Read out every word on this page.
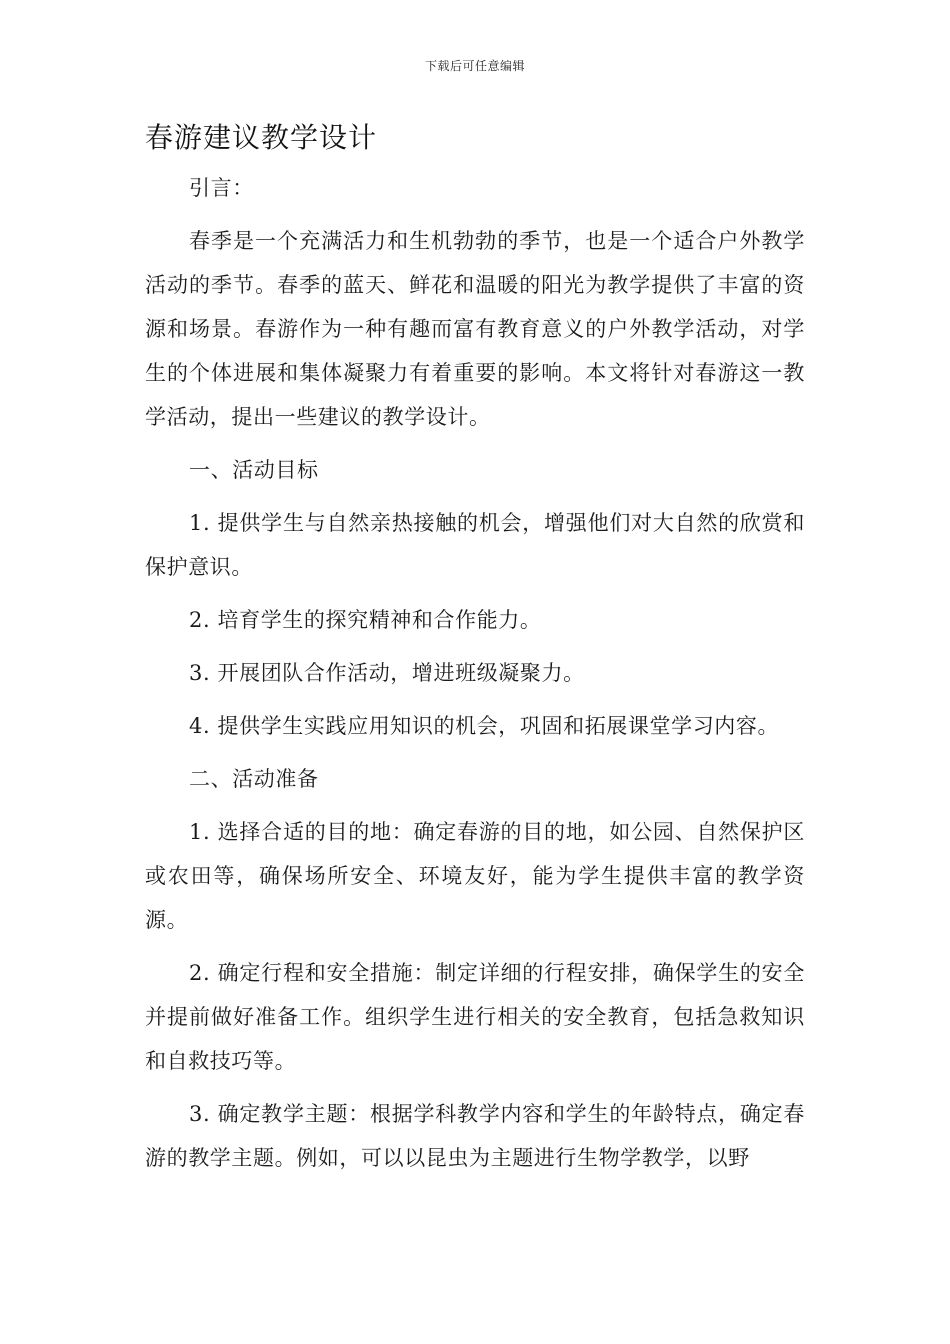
下载后可任意编辑
春游建议教学设计

引言：

春季是一个充满活力和生机勃勃的季节，也是一个适合户外教学活动的季节。春季的蓝天、鲜花和温暖的阳光为教学提供了丰富的资源和场景。春游作为一种有趣而富有教育意义的户外教学活动，对学生的个体进展和集体凝聚力有着重要的影响。本文将针对春游这一教学活动，提出一些建议的教学设计。

一、活动目标

1. 提供学生与自然亲热接触的机会，增强他们对大自然的欣赏和保护意识。

2. 培育学生的探究精神和合作能力。

3. 开展团队合作活动，增进班级凝聚力。

4. 提供学生实践应用知识的机会，巩固和拓展课堂学习内容。

二、活动准备

1. 选择合适的目的地：确定春游的目的地，如公园、自然保护区或农田等，确保场所安全、环境友好，能为学生提供丰富的教学资源。

2. 确定行程和安全措施：制定详细的行程安排，确保学生的安全并提前做好准备工作。组织学生进行相关的安全教育，包括急救知识和自救技巧等。

3. 确定教学主题：根据学科教学内容和学生的年龄特点，确定春游的教学主题。例如，可以以昆虫为主题进行生物学教学，以野
